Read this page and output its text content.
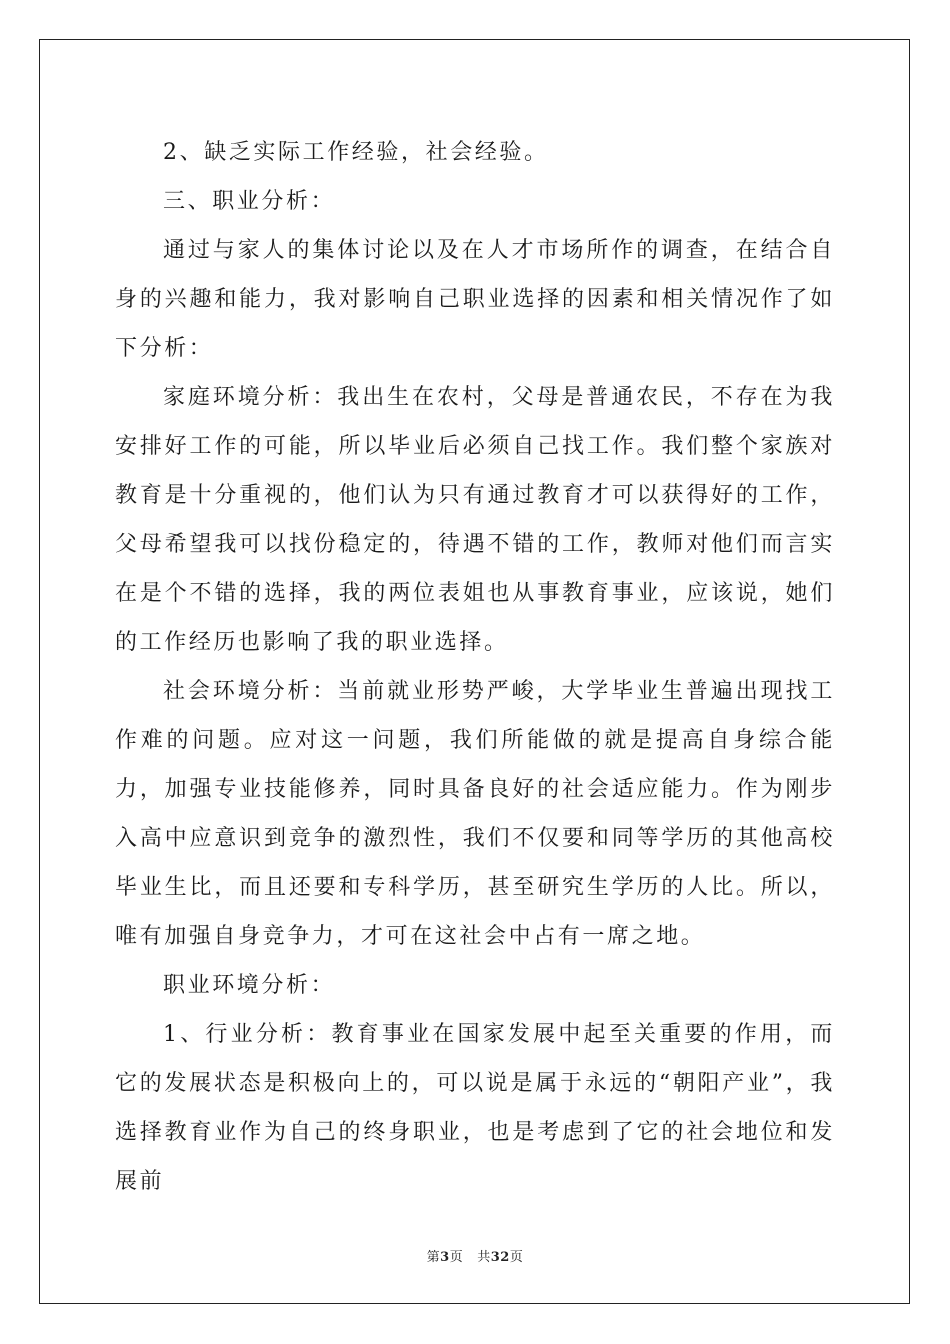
2、缺乏实际工作经验，社会经验。

三、职业分析：

通过与家人的集体讨论以及在人才市场所作的调查，在结合自身的兴趣和能力，我对影响自己职业选择的因素和相关情况作了如下分析：

家庭环境分析：我出生在农村，父母是普通农民，不存在为我安排好工作的可能，所以毕业后必须自己找工作。我们整个家族对教育是十分重视的，他们认为只有通过教育才可以获得好的工作，父母希望我可以找份稳定的，待遇不错的工作，教师对他们而言实在是个不错的选择，我的两位表姐也从事教育事业，应该说，她们的工作经历也影响了我的职业选择。

社会环境分析：当前就业形势严峻，大学毕业生普遍出现找工作难的问题。应对这一问题，我们所能做的就是提高自身综合能力，加强专业技能修养，同时具备良好的社会适应能力。作为刚步入高中应意识到竞争的激烈性，我们不仅要和同等学历的其他高校毕业生比，而且还要和专科学历，甚至研究生学历的人比。所以，唯有加强自身竞争力，才可在这社会中占有一席之地。

职业环境分析：

1、行业分析：教育事业在国家发展中起至关重要的作用，而它的发展状态是积极向上的，可以说是属于永远的“朝阳产业”，我选择教育业作为自己的终身职业，也是考虑到了它的社会地位和发展前

第3页 共32页
